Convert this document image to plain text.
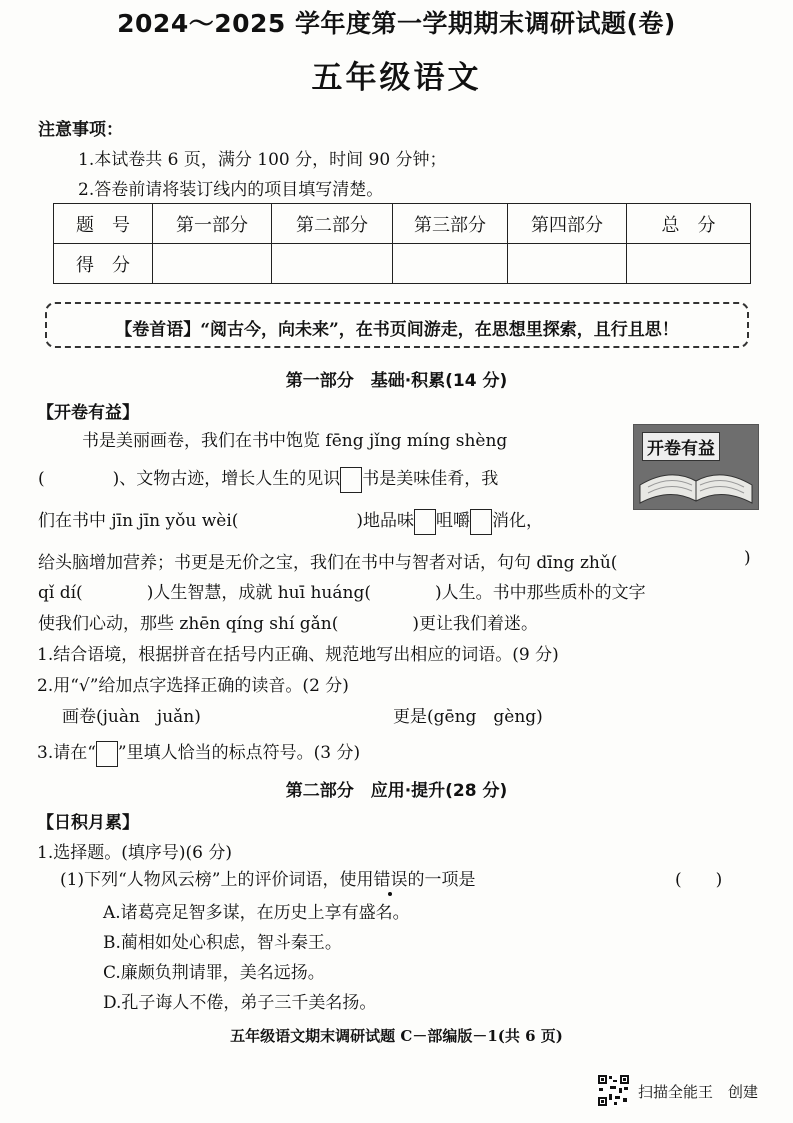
2024～2025 学年度第一学期期末调研试题(卷)
五年级语文
注意事项：
1.本试卷共 6 页，满分 100 分，时间 90 分钟；
2.答卷前请将装订线内的项目填写清楚。
题　号	第一部分	第二部分	第三部分	第四部分	总　分
得　分					
【卷首语】“阅古今，向未来”，在书页间游走，在思想里探索，且行且思！
第一部分　基础·积累(14 分)
【开卷有益】
开卷有益
书是美丽画卷，我们在书中饱览 fēng jǐng míng shèng
(　　　　)、文物古迹，增长人生的见识 书是美味佳肴，我
们在书中 jīn jīn yǒu wèi(	)地品味 咀嚼 消化，
给头脑增加营养；书更是无价之宝，我们在书中与智者对话，句句 dīng zhǔ(	)
qǐ dí(	)人生智慧，成就 huī huáng(	)人生。书中那些质朴的文字
使我们心动，那些 zhēn qíng shí gǎn(	)更让我们着迷。
1.结合语境，根据拼音在括号内正确、规范地写出相应的词语。(9 分)
2.用“√”给加点字选择正确的读音。(2 分)
画卷(juàn　juǎn)	更是(gēng　gèng)
3.请在“ ”里填人恰当的标点符号。(3 分)
第二部分　应用·提升(28 分)
【日积月累】
1.选择题。(填序号)(6 分)
(1)下列“人物风云榜”上的评价词语，使用错误的一项是	(　　)
A.诸葛亮足智多谋，在历史上享有盛名。
B.蔺相如处心积虑，智斗秦王。
C.廉颇负荆请罪，美名远扬。
D.孔子诲人不倦，弟子三千美名扬。
五年级语文期末调研试题 C－部编版－1(共 6 页)
扫描全能王　创建
